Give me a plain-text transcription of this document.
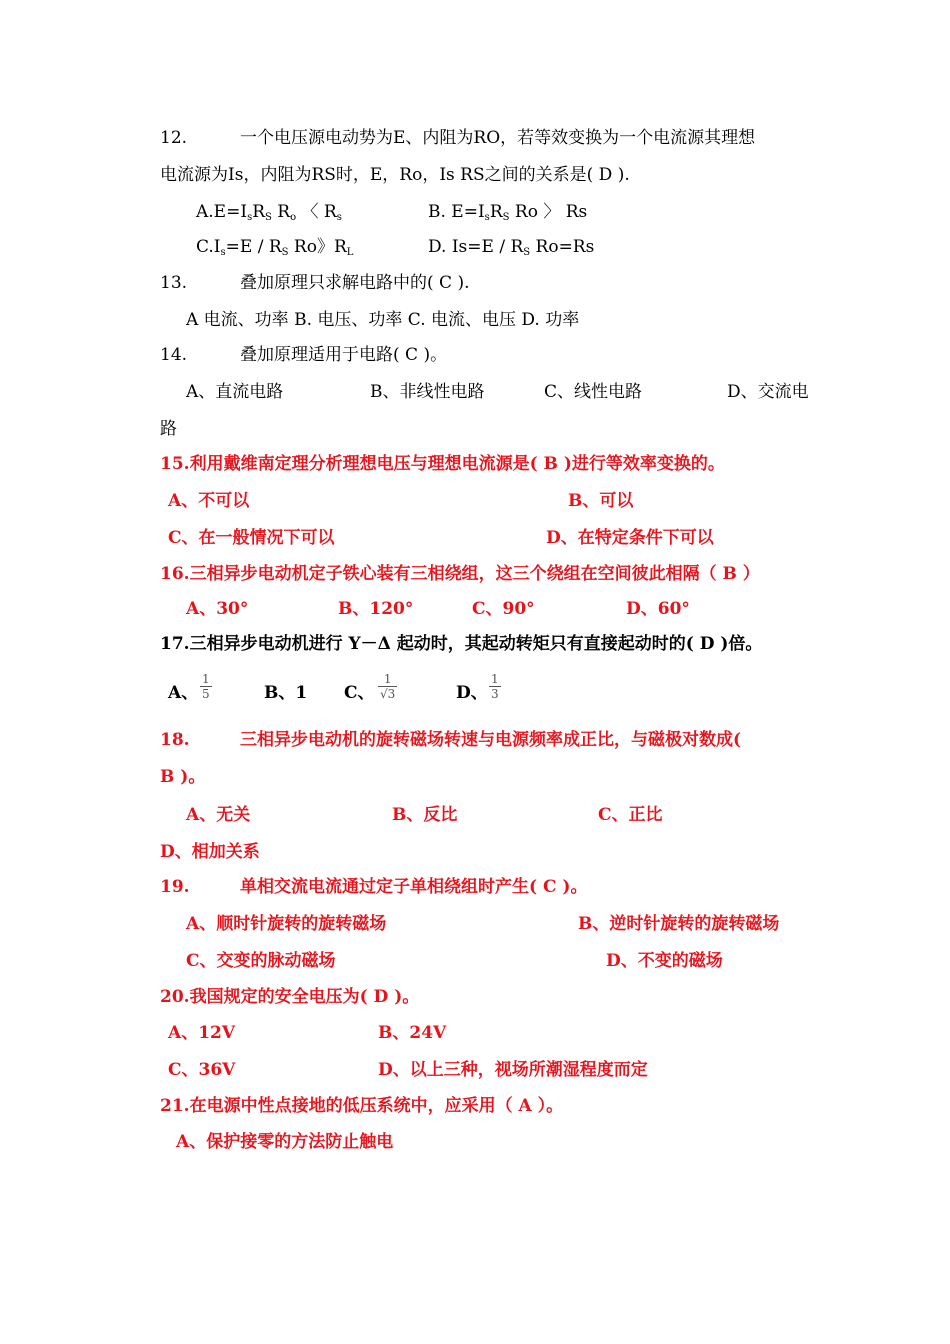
12.	一个电压源电动势为E、内阻为RO，若等效变换为一个电流源其理想
电流源为Is，内阻为RS时，E，Ro，Is RS之间的关系是( D ).
$A.E=I_sR_S$ $R_o$ 〈 $R_s$	B. $E=I_sR_S$ Ro 〉 Rs
$C.I_s=E / R_S$ Ro》$R_L$	D. $Is=E / R_S$ Ro=Rs
13.	叠加原理只求解电路中的( C ).
A 电流、功率 B. 电压、功率 C. 电流、电压 D. 功率
14.	叠加原理适用于电路( C )。
A、直流电路	B、非线性电路	C、线性电路	D、交流电
路
15.利用戴维南定理分析理想电压与理想电流源是( B )进行等效率变换的。
A、不可以	B、可以
C、在一般情况下可以	D、在特定条件下可以
16.三相异步电动机定子铁心装有三相绕组，这三个绕组在空间彼此相隔（ B ）
A、30°	B、120°	C、90°	D、60°
17.三相异步电动机进行 Y－Δ 起动时，其起动转矩只有直接起动时的( D )倍。
A、 $\frac{1}{5}$	B、1 C、 $\frac{1}{√3}$	D、 $\frac{1}{3}$
18.	三相异步电动机的旋转磁场转速与电源频率成正比，与磁极对数成(
B )。
A、无关	B、反比	C、正比
D、相加关系
19.	单相交流电流通过定子单相绕组时产生( C )。
A、顺时针旋转的旋转磁场	B、逆时针旋转的旋转磁场
C、交变的脉动磁场	D、不变的磁场
20.我国规定的安全电压为( D )。
A、12V	B、24V
C、36V	D、以上三种，视场所潮湿程度而定
21.在电源中性点接地的低压系统中，应采用（ A ）。
A、保护接零的方法防止触电
